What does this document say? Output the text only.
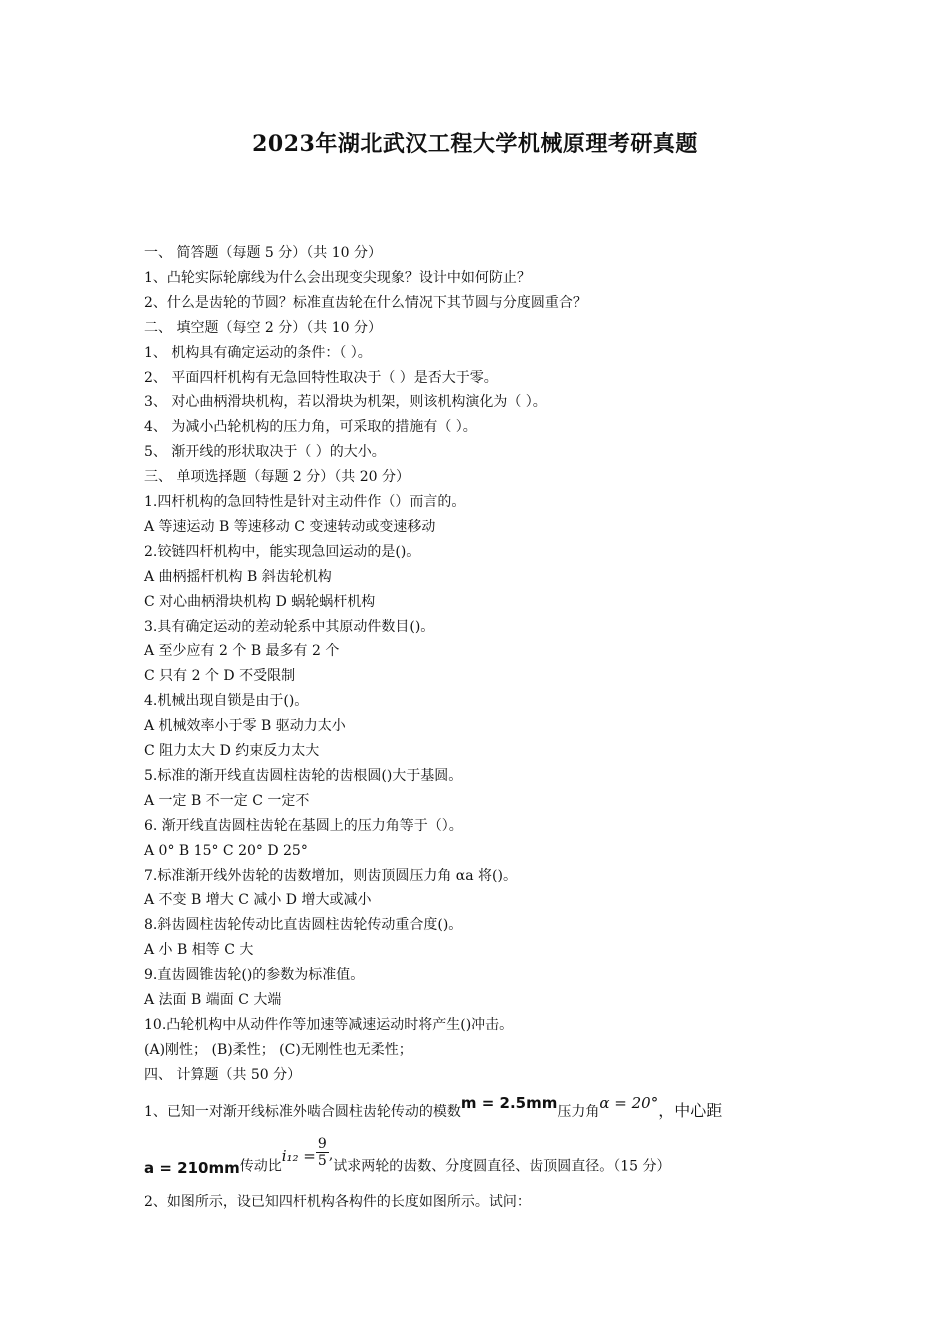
2023年湖北武汉工程大学机械原理考研真题
一、 简答题（每题 5 分）（共 10 分）
1、凸轮实际轮廓线为什么会出现变尖现象？设计中如何防止？
2、什么是齿轮的节圆？标准直齿轮在什么情况下其节圆与分度圆重合？
二、 填空题（每空 2 分）（共 10 分）
1、 机构具有确定运动的条件：（ ）。
2、 平面四杆机构有无急回特性取决于（ ）是否大于零。
3、 对心曲柄滑块机构，若以滑块为机架，则该机构演化为（ ）。
4、 为减小凸轮机构的压力角，可采取的措施有（ ）。
5、 渐开线的形状取决于（ ）的大小。
三、 单项选择题（每题 2 分）（共 20 分）
1.四杆机构的急回特性是针对主动件作（）而言的。
A 等速运动 B 等速移动 C 变速转动或变速移动
2.铰链四杆机构中，能实现急回运动的是()。
A 曲柄摇杆机构 B 斜齿轮机构
C 对心曲柄滑块机构 D 蜗轮蜗杆机构
3.具有确定运动的差动轮系中其原动件数目()。
A 至少应有 2 个 B 最多有 2 个
C 只有 2 个 D 不受限制
4.机械出现自锁是由于()。
A 机械效率小于零 B 驱动力太小
C 阻力太大 D 约束反力太大
5.标准的渐开线直齿圆柱齿轮的齿根圆()大于基圆。
A 一定 B 不一定 C 一定不
6. 渐开线直齿圆柱齿轮在基圆上的压力角等于（）。
A 0° B 15° C 20° D 25°
7.标准渐开线外齿轮的齿数增加，则齿顶圆压力角 αa 将()。
A 不变 B 增大 C 减小 D 增大或减小
8.斜齿圆柱齿轮传动比直齿圆柱齿轮传动重合度()。
A 小 B 相等 C 大
9.直齿圆锥齿轮()的参数为标准值。
A 法面 B 端面 C 大端
10.凸轮机构中从动件作等加速等减速运动时将产生()冲击。
(A)刚性； (B)柔性； (C)无刚性也无柔性；
四、 计算题（共 50 分）
1、已知一对渐开线标准外啮合圆柱齿轮传动的模数m = 2.5mm压力角α = 20°，中心距
a = 210mm传动比$i_{12} = \frac{9}{5}$ ,试求两轮的齿数、分度圆直径、齿顶圆直径。（15 分）
2、如图所示，设已知四杆机构各构件的长度如图所示。试问：
